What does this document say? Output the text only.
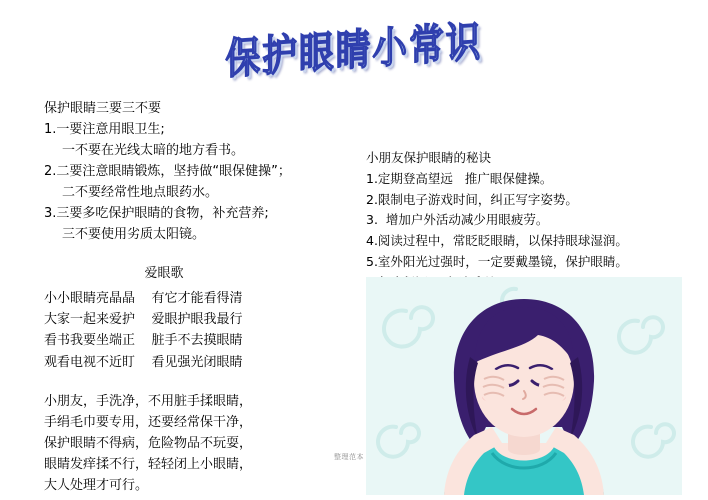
保护眼睛小常识
保护眼睛三要三不要
1.一要注意用眼卫生;
一不要在光线太暗的地方看书。
2.二要注意眼睛锻炼，坚持做“眼保健操”；
二不要经常性地点眼药水。
3.三要多吃保护眼睛的食物，补充营养;
三不要使用劣质太阳镜。
爱眼歌
小小眼睛亮晶晶    有它才能看得清
大家一起来爱护    爱眼护眼我最行
看书我要坐端正    脏手不去摸眼睛
观看电视不近盯    看见强光闭眼睛
小朋友，手洗净，不用脏手揉眼睛，
手绢毛巾要专用，还要经常保干净，
保护眼睛不得病，危险物品不玩耍，
眼睛发痒揉不行，轻轻闭上小眼睛，
大人处理才可行。
小朋友保护眼睛的秘诀
1.定期登高望远   推广眼保健操。
2.限制电子游戏时间，纠正写字姿势。
3.  增加户外活动减少用眼疲劳。
4.阅读过程中，常眨眨眼睛，以保持眼球湿润。
5.室外阳光过强时，一定要戴墨镜，保护眼睛。
整理范本
